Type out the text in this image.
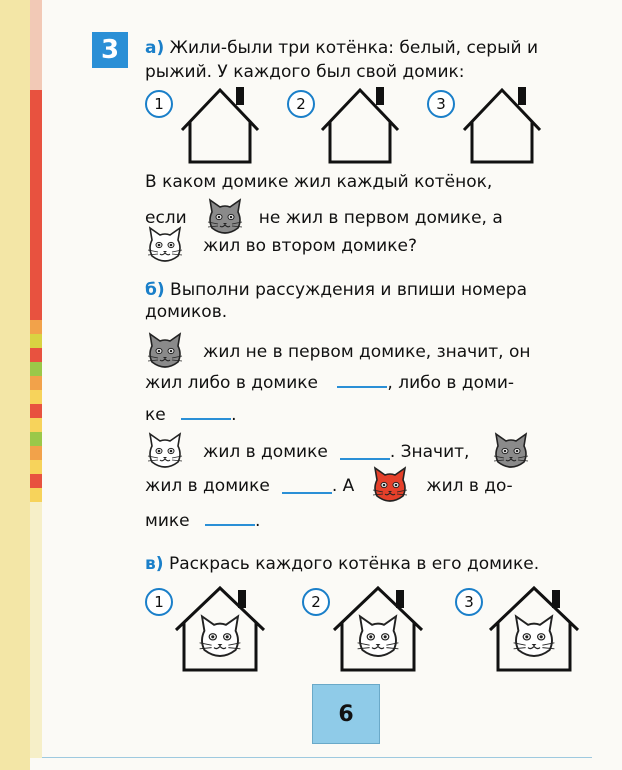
3	а) Жили-были три котёнка: белый, серый и
рыжий. У каждого был свой домик:
1	2	3
В каком домике жил каждый котёнок,
если	не жил в первом домике, а
жил во втором домике?
б) Выполни рассуждения и впиши номера
домиков.
жил не в первом домике, значит, он
жил либо в домике	, либо в доми-
ке	.
жил в домике	. Значит,
жил в домике	. А	жил в до-
мике	.
в) Раскрась каждого котёнка в его домике.
1	2	3
6
